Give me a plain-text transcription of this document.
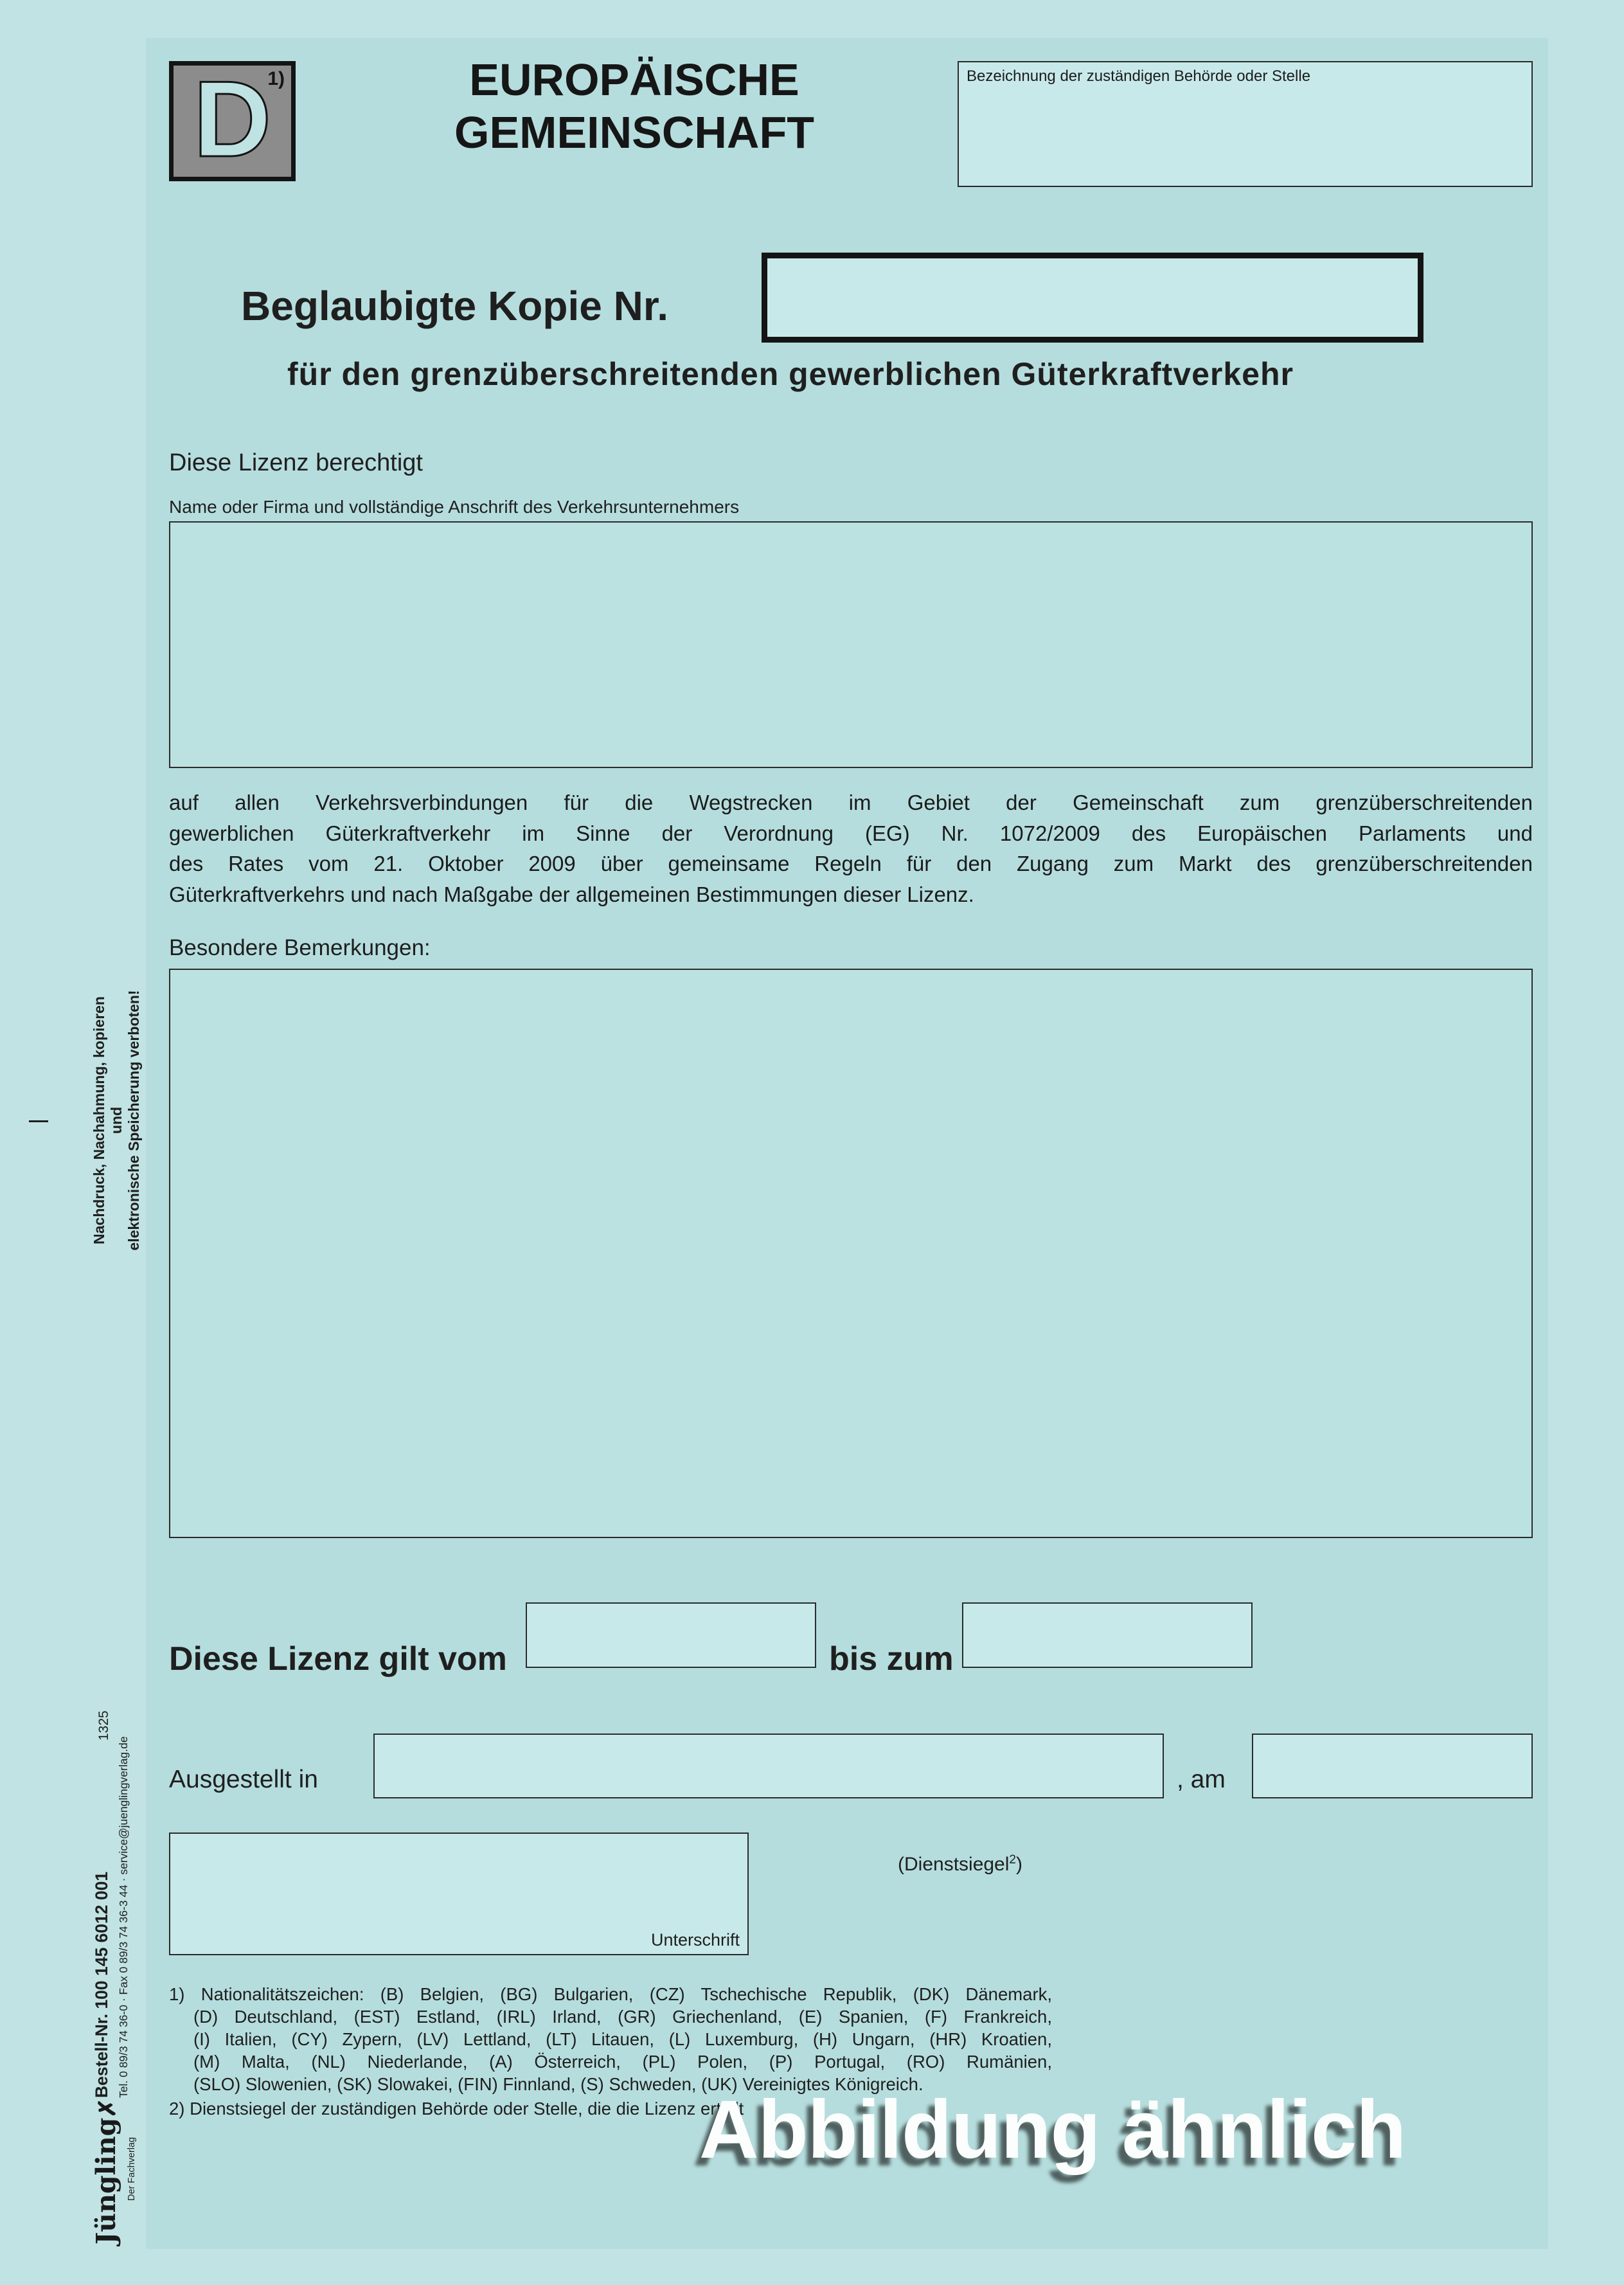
Nachdruck, Nachahmung, kopieren und
elektronische Speicherung verboten!
1325
Bestell-Nr. 100 145 6012 001 Tel. 0 89/3 74 36-0 · Fax 0 89/3 74 36-3 44 · service@juenglingverlag.de
Jüngling✗
Der Fachverlag
D
1)	EUROPÄISCHE
GEMEINSCHAFT
Bezeichnung der zuständigen Behörde oder Stelle
Beglaubigte Kopie Nr.
für den grenzüberschreitenden gewerblichen Güterkraftverkehr
Diese Lizenz berechtigt
Name oder Firma und vollständige Anschrift des Verkehrsunternehmers
auf allen Verkehrsverbindungen für die Wegstrecken im Gebiet der Gemeinschaft zum grenzüberschreitenden
gewerblichen Güterkraftverkehr im Sinne der Verordnung (EG) Nr. 1072/2009 des Europäischen Parlaments und
des Rates vom 21. Oktober 2009 über gemeinsame Regeln für den Zugang zum Markt des grenzüberschreitenden
Güterkraftverkehrs und nach Maßgabe der allgemeinen Bestimmungen dieser Lizenz.
Besondere Bemerkungen:
Diese Lizenz gilt vom	bis zum
Ausgestellt in	, am
Unterschrift
(Dienstsiegel$^2$)
1) Nationalitätszeichen: (B) Belgien, (BG) Bulgarien, (CZ) Tschechische Republik, (DK) Dänemark,
(D) Deutschland, (EST) Estland, (IRL) Irland, (GR) Griechenland, (E) Spanien, (F) Frankreich,
(I) Italien, (CY) Zypern, (LV) Lettland, (LT) Litauen, (L) Luxemburg, (H) Ungarn, (HR) Kroatien,
(M) Malta, (NL) Niederlande, (A) Österreich, (PL) Polen, (P) Portugal, (RO) Rumänien,
(SLO) Slowenien, (SK) Slowakei, (FIN) Finnland, (S) Schweden, (UK) Vereinigtes Königreich.
2) Dienstsiegel der zuständigen Behörde oder Stelle, die die Lizenz erteilt
Abbildung ähnlich
